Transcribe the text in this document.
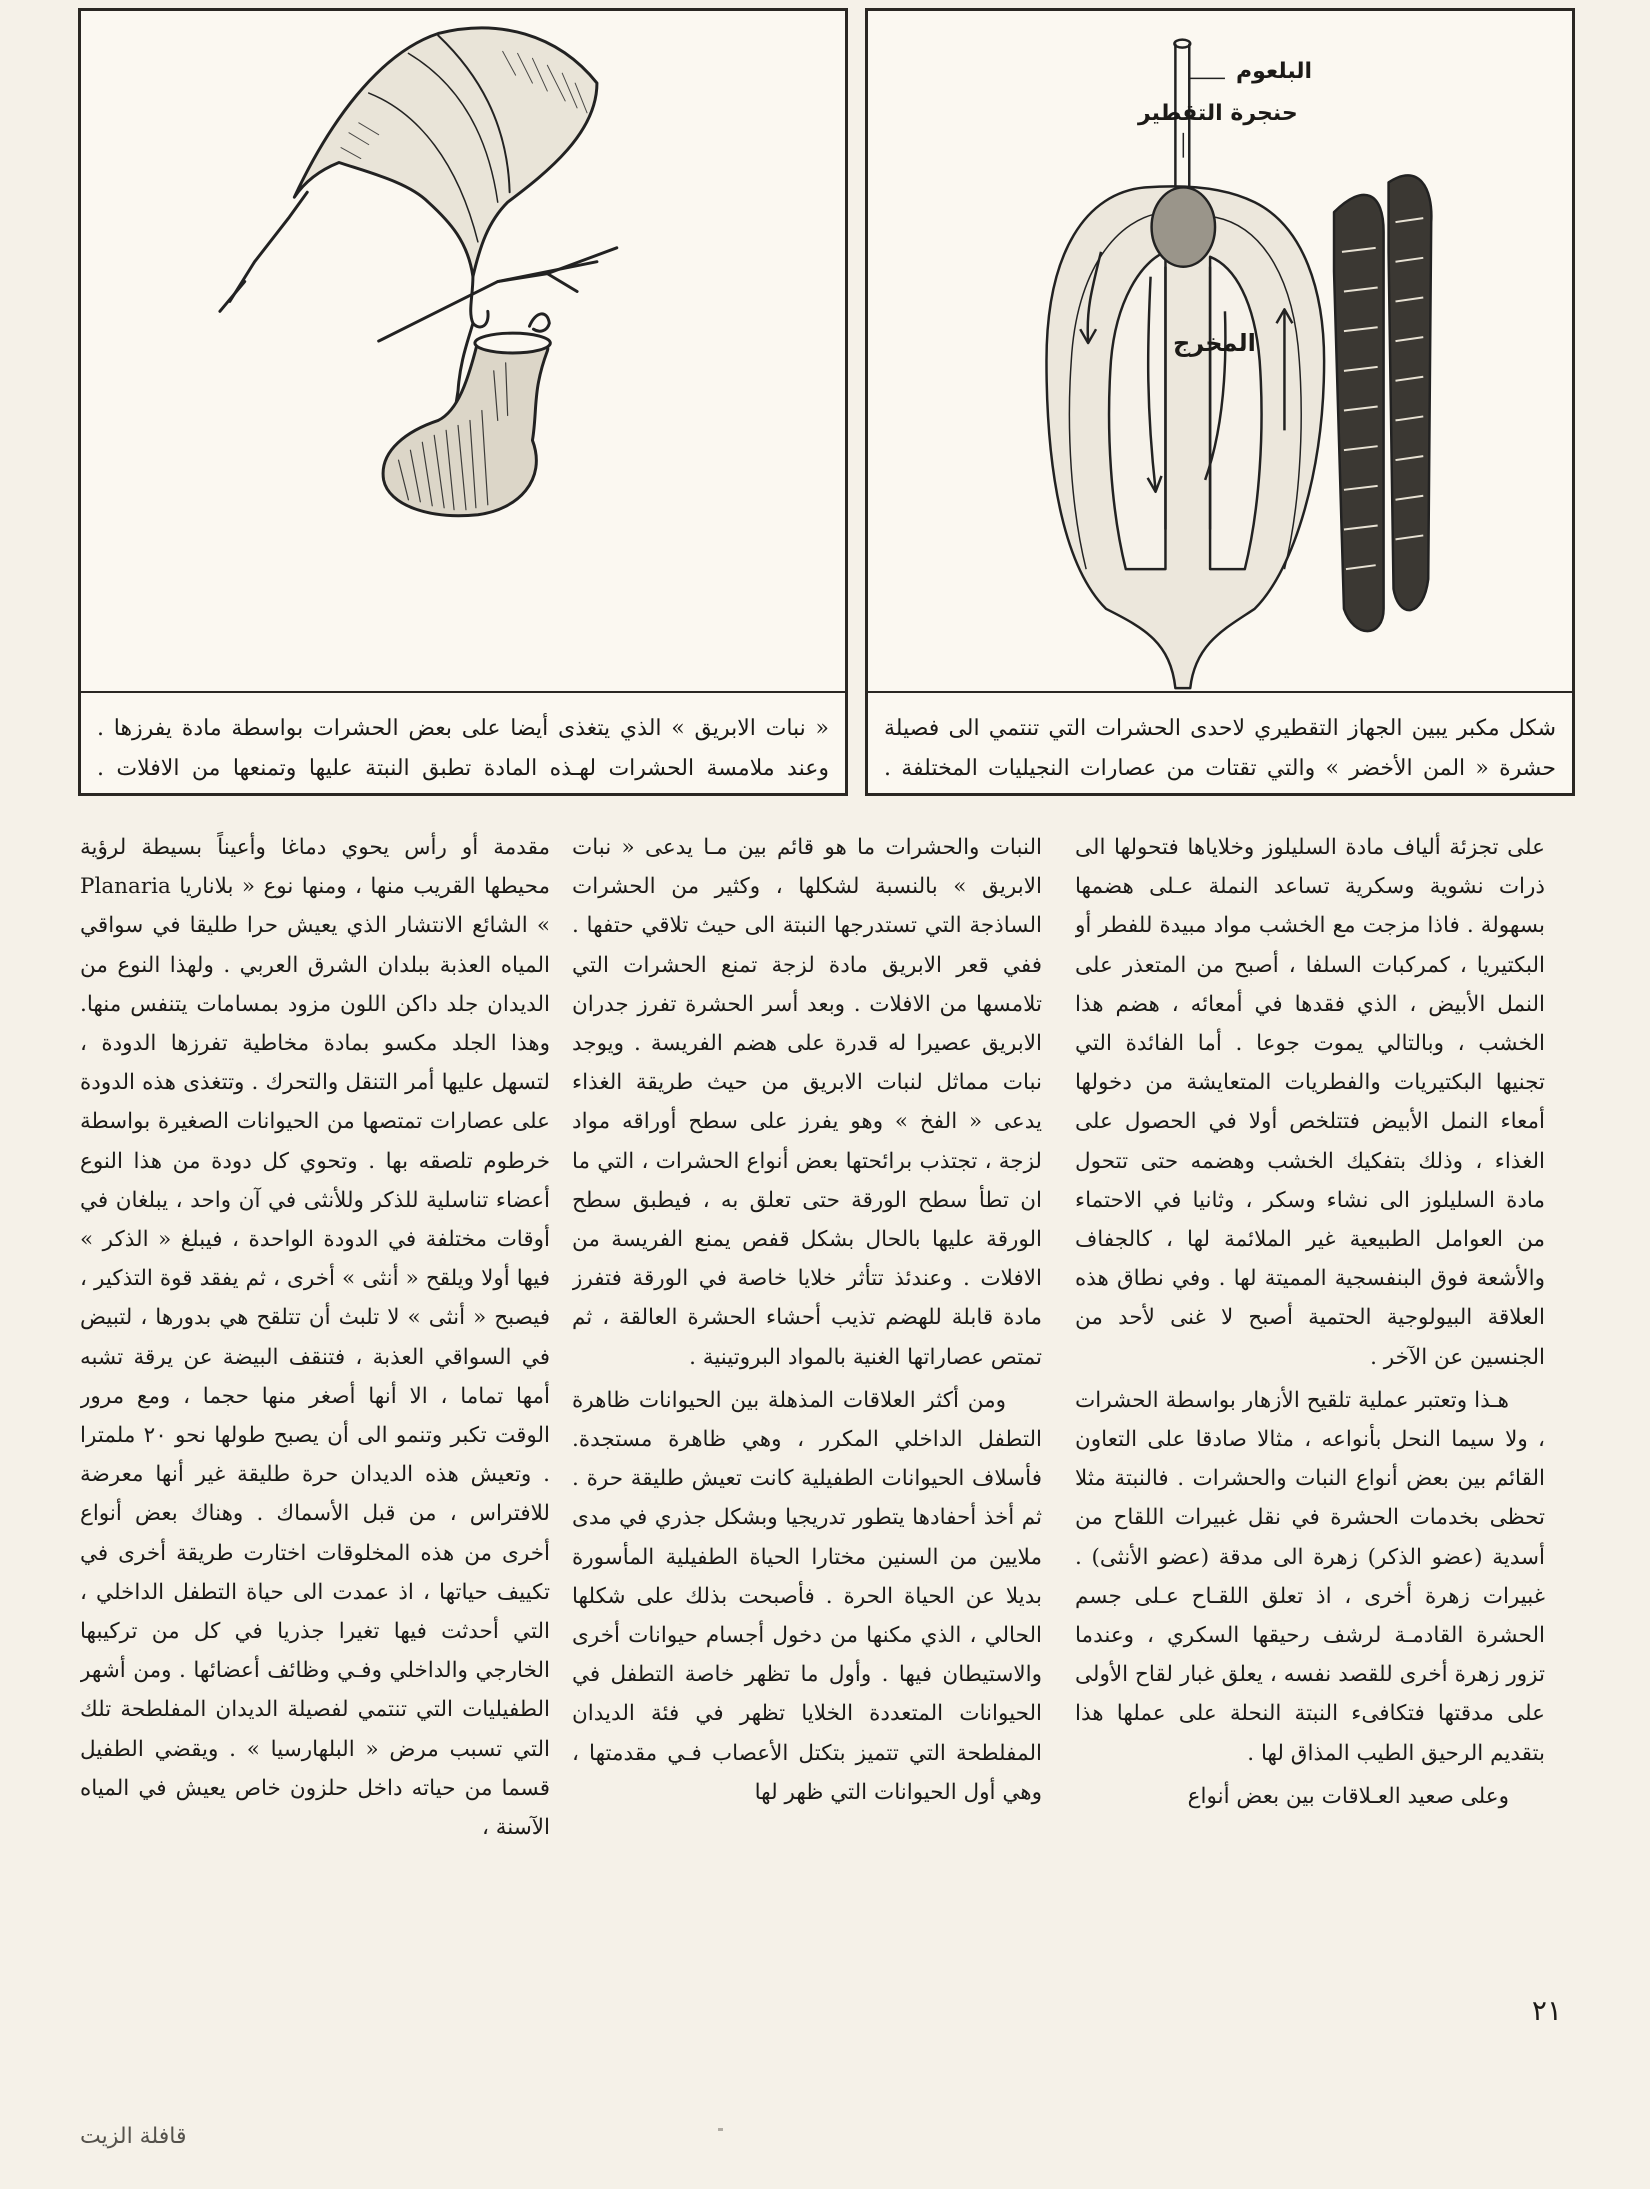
« نبات الابريق » الذي يتغذى أيضا على بعض الحشرات بواسطة مادة يفرزها . وعند ملامسة الحشرات لهـذه المادة تطبق النبتة عليها وتمنعها من الافلات .
البلعوم
حنجرة التقطير
المخرج
شكل مكبر يبين الجهاز التقطيري لاحدى الحشرات التي تنتمي الى فصيلة حشرة « المن الأخضر » والتي تقتات من عصارات النجيليات المختلفة .

على تجزئة ألياف مادة السليلوز وخلاياها فتحولها الى ذرات نشوية وسكرية تساعد النملة عـلى هضمها بسهولة . فاذا مزجت مع الخشب مواد مبيدة للفطر أو البكتيريا ، كمركبات السلفا ، أصبح من المتعذر على النمل الأبيض ، الذي فقدها في أمعائه ، هضم هذا الخشب ، وبالتالي يموت جوعا . أما الفائدة التي تجنيها البكتيريات والفطريات المتعايشة من دخولها أمعاء النمل الأبيض فتتلخص أولا في الحصول على الغذاء ، وذلك بتفكيك الخشب وهضمه حتى تتحول مادة السليلوز الى نشاء وسكر ، وثانيا في الاحتماء من العوامل الطبيعية غير الملائمة لها ، كالجفاف والأشعة فوق البنفسجية المميتة لها . وفي نطاق هذه العلاقة البيولوجية الحتمية أصبح لا غنى لأحد من الجنسين عن الآخر .

هـذا وتعتبر عملية تلقيح الأزهار بواسطة الحشرات ، ولا سيما النحل بأنواعه ، مثالا صادقا على التعاون القائم بين بعض أنواع النبات والحشرات . فالنبتة مثلا تحظى بخدمات الحشرة في نقل غبيرات اللقاح من أسدية (عضو الذكر) زهرة الى مدقة (عضو الأنثى) . غبيرات زهرة أخرى ، اذ تعلق اللقـاح عـلى جسم الحشرة القادمـة لرشف رحيقها السكري ، وعندما تزور زهرة أخرى للقصد نفسه ، يعلق غبار لقاح الأولى على مدقتها فتكافىء النبتة النحلة على عملها هذا بتقديم الرحيق الطيب المذاق لها .

وعلى صعيد العـلاقات بين بعض أنواع

النبات والحشرات ما هو قائم بين مـا يدعى « نبات الابريق » بالنسبة لشكلها ، وكثير من الحشرات الساذجة التي تستدرجها النبتة الى حيث تلاقي حتفها . ففي قعر الابريق مادة لزجة تمنع الحشرات التي تلامسها من الافلات . وبعد أسر الحشرة تفرز جدران الابريق عصيرا له قدرة على هضم الفريسة . ويوجد نبات مماثل لنبات الابريق من حيث طريقة الغذاء يدعى « الفخ » وهو يفرز على سطح أوراقه مواد لزجة ، تجتذب برائحتها بعض أنواع الحشرات ، التي ما ان تطأ سطح الورقة حتى تعلق به ، فيطبق سطح الورقة عليها بالحال بشكل قفص يمنع الفريسة من الافلات . وعندئذ تتأثر خلايا خاصة في الورقة فتفرز مادة قابلة للهضم تذيب أحشاء الحشرة العالقة ، ثم تمتص عصاراتها الغنية بالمواد البروتينية .

ومن أكثر العلاقات المذهلة بين الحيوانات ظاهرة التطفل الداخلي المكرر ، وهي ظاهرة مستجدة. فأسلاف الحيوانات الطفيلية كانت تعيش طليقة حرة . ثم أخذ أحفادها يتطور تدريجيا وبشكل جذري في مدى ملايين من السنين مختارا الحياة الطفيلية المأسورة بديلا عن الحياة الحرة . فأصبحت بذلك على شكلها الحالي ، الذي مكنها من دخول أجسام حيوانات أخرى والاستيطان فيها . وأول ما تظهر خاصة التطفل في الحيوانات المتعددة الخلايا تظهر في فئة الديدان المفلطحة التي تتميز بتكتل الأعصاب فـي مقدمتها ، وهي أول الحيوانات التي ظهر لها

مقدمة أو رأس يحوي دماغا وأعيناً بسيطة لرؤية محيطها القريب منها ، ومنها نوع « بلاناريا Planaria » الشائع الانتشار الذي يعيش حرا طليقا في سواقي المياه العذبة ببلدان الشرق العربي . ولهذا النوع من الديدان جلد داكن اللون مزود بمسامات يتنفس منها. وهذا الجلد مكسو بمادة مخاطية تفرزها الدودة ، لتسهل عليها أمر التنقل والتحرك . وتتغذى هذه الدودة على عصارات تمتصها من الحيوانات الصغيرة بواسطة خرطوم تلصقه بها . وتحوي كل دودة من هذا النوع أعضاء تناسلية للذكر وللأنثى في آن واحد ، يبلغان في أوقات مختلفة في الدودة الواحدة ، فيبلغ « الذكر » فيها أولا ويلقح « أنثى » أخرى ، ثم يفقد قوة التذكير ، فيصبح « أنثى » لا تلبث أن تتلقح هي بدورها ، لتبيض في السواقي العذبة ، فتنقف البيضة عن يرقة تشبه أمها تماما ، الا أنها أصغر منها حجما ، ومع مرور الوقت تكبر وتنمو الى أن يصبح طولها نحو ٢٠ ملمترا . وتعيش هذه الديدان حرة طليقة غير أنها معرضة للافتراس ، من قبل الأسماك . وهناك بعض أنواع أخرى من هذه المخلوقات اختارت طريقة أخرى في تكييف حياتها ، اذ عمدت الى حياة التطفل الداخلي ، التي أحدثت فيها تغيرا جذريا في كل من تركيبها الخارجي والداخلي وفـي وظائف أعضائها . ومن أشهر الطفيليات التي تنتمي لفصيلة الديدان المفلطحة تلك التي تسبب مرض « البلهارسيا » . ويقضي الطفيل قسما من حياته داخل حلزون خاص يعيش في المياه الآسنة ،

٢١
قافلة الزيت
